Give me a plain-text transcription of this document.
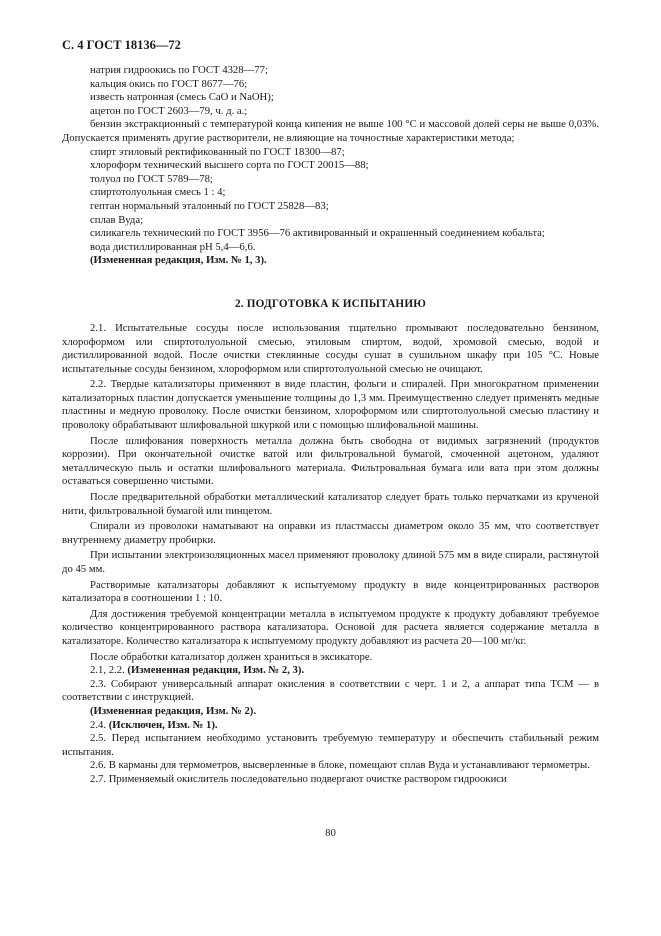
С. 4 ГОСТ 18136—72

натрия гидроокись по ГОСТ 4328—77;

кальция окись по ГОСТ 8677—76;

известь натронная (смесь CaO и NaOH);

ацетон по ГОСТ 2603—79, ч. д. а.;

бензин экстракционный с температурой конца кипения не выше 100 °С и массовой долей серы не выше 0,03%. Допускается применять другие растворители, не влияющие на точностные характеристики метода;

спирт этиловый ректификованный по ГОСТ 18300—87;

хлороформ технический высшего сорта по ГОСТ 20015—88;

толуол по ГОСТ 5789—78;

спиртотолуольная смесь 1 : 4;

гептан нормальный эталонный по ГОСТ 25828—83;

сплав Вуда;

силикагель технический по ГОСТ 3956—76 активированный и окрашенный соединением кобальта;

вода дистиллированная pH 5,4—6,6.

(Измененная редакция, Изм. № 1, 3).

2. ПОДГОТОВКА К ИСПЫТАНИЮ

2.1. Испытательные сосуды после использования тщательно промывают последовательно бензином, хлороформом или спиртотолуольной смесью, этиловым спиртом, водой, хромовой смесью, водой и дистиллированной водой. После очистки стеклянные сосуды сушат в сушильном шкафу при 105 °С. Новые испытательные сосуды бензином, хлороформом или спиртотолуольной смесью не очищают.

2.2. Твердые катализаторы применяют в виде пластин, фольги и спиралей. При многократном применении катализаторных пластин допускается уменьшение толщины до 1,3 мм. Преимущественно следует применять медные пластины и медную проволоку. После очистки бензином, хлороформом или спиртотолуольной смесью пластину и проволоку обрабатывают шлифовальной шкуркой или с помощью шлифовальной машины.

После шлифования поверхность металла должна быть свободна от видимых загрязнений (продуктов коррозии). При окончательной очистке ватой или фильтровальной бумагой, смоченной ацетоном, удаляют металлическую пыль и остатки шлифовального материала. Фильтровальная бумага или вата при этом должны оставаться совершенно чистыми.

После предварительной обработки металлический катализатор следует брать только перчатками из крученой нити, фильтровальной бумагой или пинцетом.

Спирали из проволоки наматывают на оправки из пластмассы диаметром около 35 мм, что соответствует внутреннему диаметру пробирки.

При испытании электроизоляционных масел применяют проволоку длиной 575 мм в виде спирали, растянутой до 45 мм.

Растворимые катализаторы добавляют к испытуемому продукту в виде концентрированных растворов катализатора в соотношении 1 : 10.

Для достижения требуемой концентрации металла в испытуемом продукте к продукту добавляют требуемое количество концентрированного раствора катализатора. Основой для расчета является содержание металла в катализаторе. Количество катализатора к испытуемому продукту добавляют из расчета 20—100 мг/кг.

После обработки катализатор должен храниться в эксикаторе.

2.1, 2.2. (Измененная редакция, Изм. № 2, 3).

2.3. Собирают универсальный аппарат окисления в соответствии с черт. 1 и 2, а аппарат типа ТСМ — в соответствии с инструкцией.

(Измененная редакция, Изм. № 2).

2.4. (Исключен, Изм. № 1).

2.5. Перед испытанием необходимо установить требуемую температуру и обеспечить стабильный режим испытания.

2.6. В карманы для термометров, высверленные в блоке, помещают сплав Вуда и устанавливают термометры.

2.7. Применяемый окислитель последовательно подвергают очистке раствором гидроокиси

80
